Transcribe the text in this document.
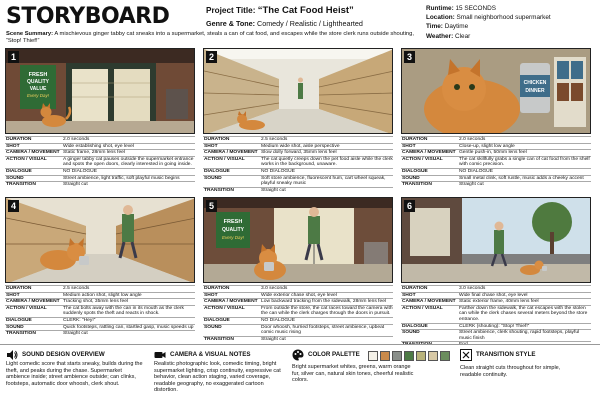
STORYBOARD	Project Title: “The Cat Food Heist”
Genre & Tone: Comedy / Realistic / Lighthearted
Runtime: 15 SECONDS
Location: Small neighborhood supermarket
Time: Daytime
Weather: Clear
Scene Summary: A mischievous ginger tabby cat sneaks into a supermarket, steals a can of cat food, and escapes while the store clerk runs outside shouting, “Stop! Thief!”
FRESH
QUALITY
VALUE
Every Day!
1
DURATION	2.0 seconds
SHOT	Wide establishing shot, eye level
CAMERA / MOVEMENT Static frame, 28mm lens feel
ACTION / VISUAL	A ginger tabby cat pauses outside the supermarket entrance and spots the open doors, clearly interested in going inside.
DIALOGUE	NO DIALOGUE
SOUND	Street ambience, light traffic, soft playful music begins
TRANSITION	Straight cut
2
DURATION	2.5 seconds
SHOT	Medium wide shot, aisle perspective
CAMERA / MOVEMENT Slow dolly forward, 35mm lens feel
ACTION / VISUAL	The cat quietly creeps down the pet food aisle while the clerk works in the background, unaware.
DIALOGUE	NO DIALOGUE
SOUND	Soft store ambience, fluorescent hum, cart wheel squeak, playful sneaky music
TRANSITION	Straight cut
CHICKEN
DINNER
3
DURATION	2.0 seconds
SHOT	Close-up, slight low angle
CAMERA / MOVEMENT Gentle push-in, 50mm lens feel
ACTION / VISUAL	The cat skillfully grabs a single can of cat food from the shelf with comic precision.
DIALOGUE	NO DIALOGUE
SOUND	Small metal clink, soft rustle, music adds a cheeky accent
TRANSITION	Straight cut
4
DURATION	2.5 seconds
SHOT	Medium action shot, slight low angle
CAMERA / MOVEMENT Tracking shot, 35mm lens feel
ACTION / VISUAL	The cat bolts away with the can in its mouth as the clerk suddenly spots the theft and reacts in shock.
DIALOGUE	CLERK: “Hey!”
SOUND	Quick footsteps, rattling can, startled gasp, music speeds up
TRANSITION	Straight cut
FRESH
QUALITY
Every Day!
5
DURATION	3.0 seconds
SHOT	Wide exterior chase shot, eye level
CAMERA / MOVEMENT Low backward tracking from the sidewalk, 28mm lens feel
ACTION / VISUAL	From outside the store, the cat races toward the camera with the can while the clerk charges through the doors in pursuit.
DIALOGUE	NO DIALOGUE
SOUND	Door whoosh, hurried footsteps, street ambience, upbeat comic music rising
TRANSITION	Straight cut
6
DURATION	3.0 seconds
SHOT	Wide final chase shot, eye level
CAMERA / MOVEMENT Static exterior frame, 40mm lens feel
ACTION / VISUAL	Farther down the sidewalk, the cat escapes with the stolen can while the clerk chases several meters beyond the store entrance.
DIALOGUE	CLERK (shouting): “Stop! Thief!”
SOUND	Street ambience, clerk shouting, rapid footsteps, playful music finish
TRANSITION	End
SOUND DESIGN OVERVIEW
Light comedic score that starts sneaky, builds during the theft, and peaks during the chase. Supermarket ambience inside; street ambience outside; can clinks, footsteps, automatic door whoosh, clerk shout.
CAMERA & VISUAL NOTES
Realistic photographic look, comedic timing, bright supermarket lighting, crisp continuity, expressive cat behavior, clean action staging, varied coverage, readable geography, no exaggerated cartoon distortion.
COLOR PALETTE
Bright supermarket whites, greens, warm orange fur, silver can, natural skin tones, cheerful realistic colors.
TRANSITION STYLE
Clean straight cuts throughout for simple, readable continuity.
